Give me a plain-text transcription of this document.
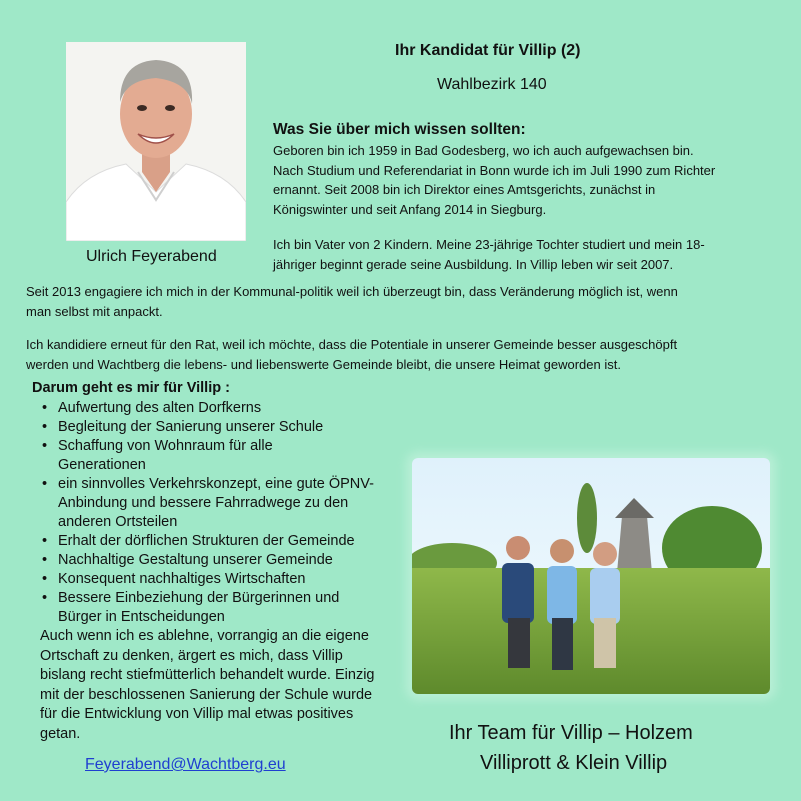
Ihr Kandidat für Villip (2)
Wahlbezirk 140
Ulrich Feyerabend
Was Sie über mich wissen sollten:

Geboren bin ich 1959 in Bad Godesberg, wo ich auch aufgewachsen bin.

Nach Studium und Referendariat in Bonn wurde ich im Juli 1990 zum Richter

ernannt. Seit 2008 bin ich Direktor eines Amtsgerichts, zunächst in

Königswinter und seit Anfang 2014 in Siegburg.

Ich bin Vater von 2 Kindern. Meine 23-jährige Tochter studiert und mein 18-

jähriger beginnt gerade seine Ausbildung. In Villip leben wir seit 2007.

Seit 2013 engagiere ich mich in der Kommunal-politik weil ich überzeugt bin, dass Veränderung möglich ist, wenn

man selbst mit anpackt.

Ich kandidiere erneut für den Rat, weil ich möchte, dass die Potentiale in unserer Gemeinde besser ausgeschöpft

werden und Wachtberg die lebens- und liebenswerte Gemeinde bleibt, die unsere Heimat geworden ist.

Darum geht es mir für Villip :
• Aufwertung des alten Dorfkerns
• Begleitung der Sanierung unserer Schule
• Schaffung von Wohnraum für alle Generationen
• ein sinnvolles Verkehrskonzept, eine gute ÖPNV-Anbindung und bessere Fahrradwege zu den anderen Ortsteilen
• Erhalt der dörflichen Strukturen der Gemeinde
• Nachhaltige Gestaltung unserer Gemeinde
• Konsequent nachhaltiges Wirtschaften
• Bessere Einbeziehung der Bürgerinnen und Bürger in Entscheidungen
Auch wenn ich es ablehne, vorrangig an die eigene Ortschaft zu denken, ärgert es mich, dass Villip bislang recht stiefmütterlich behandelt wurde. Einzig mit der beschlossenen Sanierung der Schule wurde für die Entwicklung von Villip mal etwas positives getan.
Feyerabend@Wachtberg.eu
Ihr Team für Villip – Holzem
Villiprott & Klein Villip
